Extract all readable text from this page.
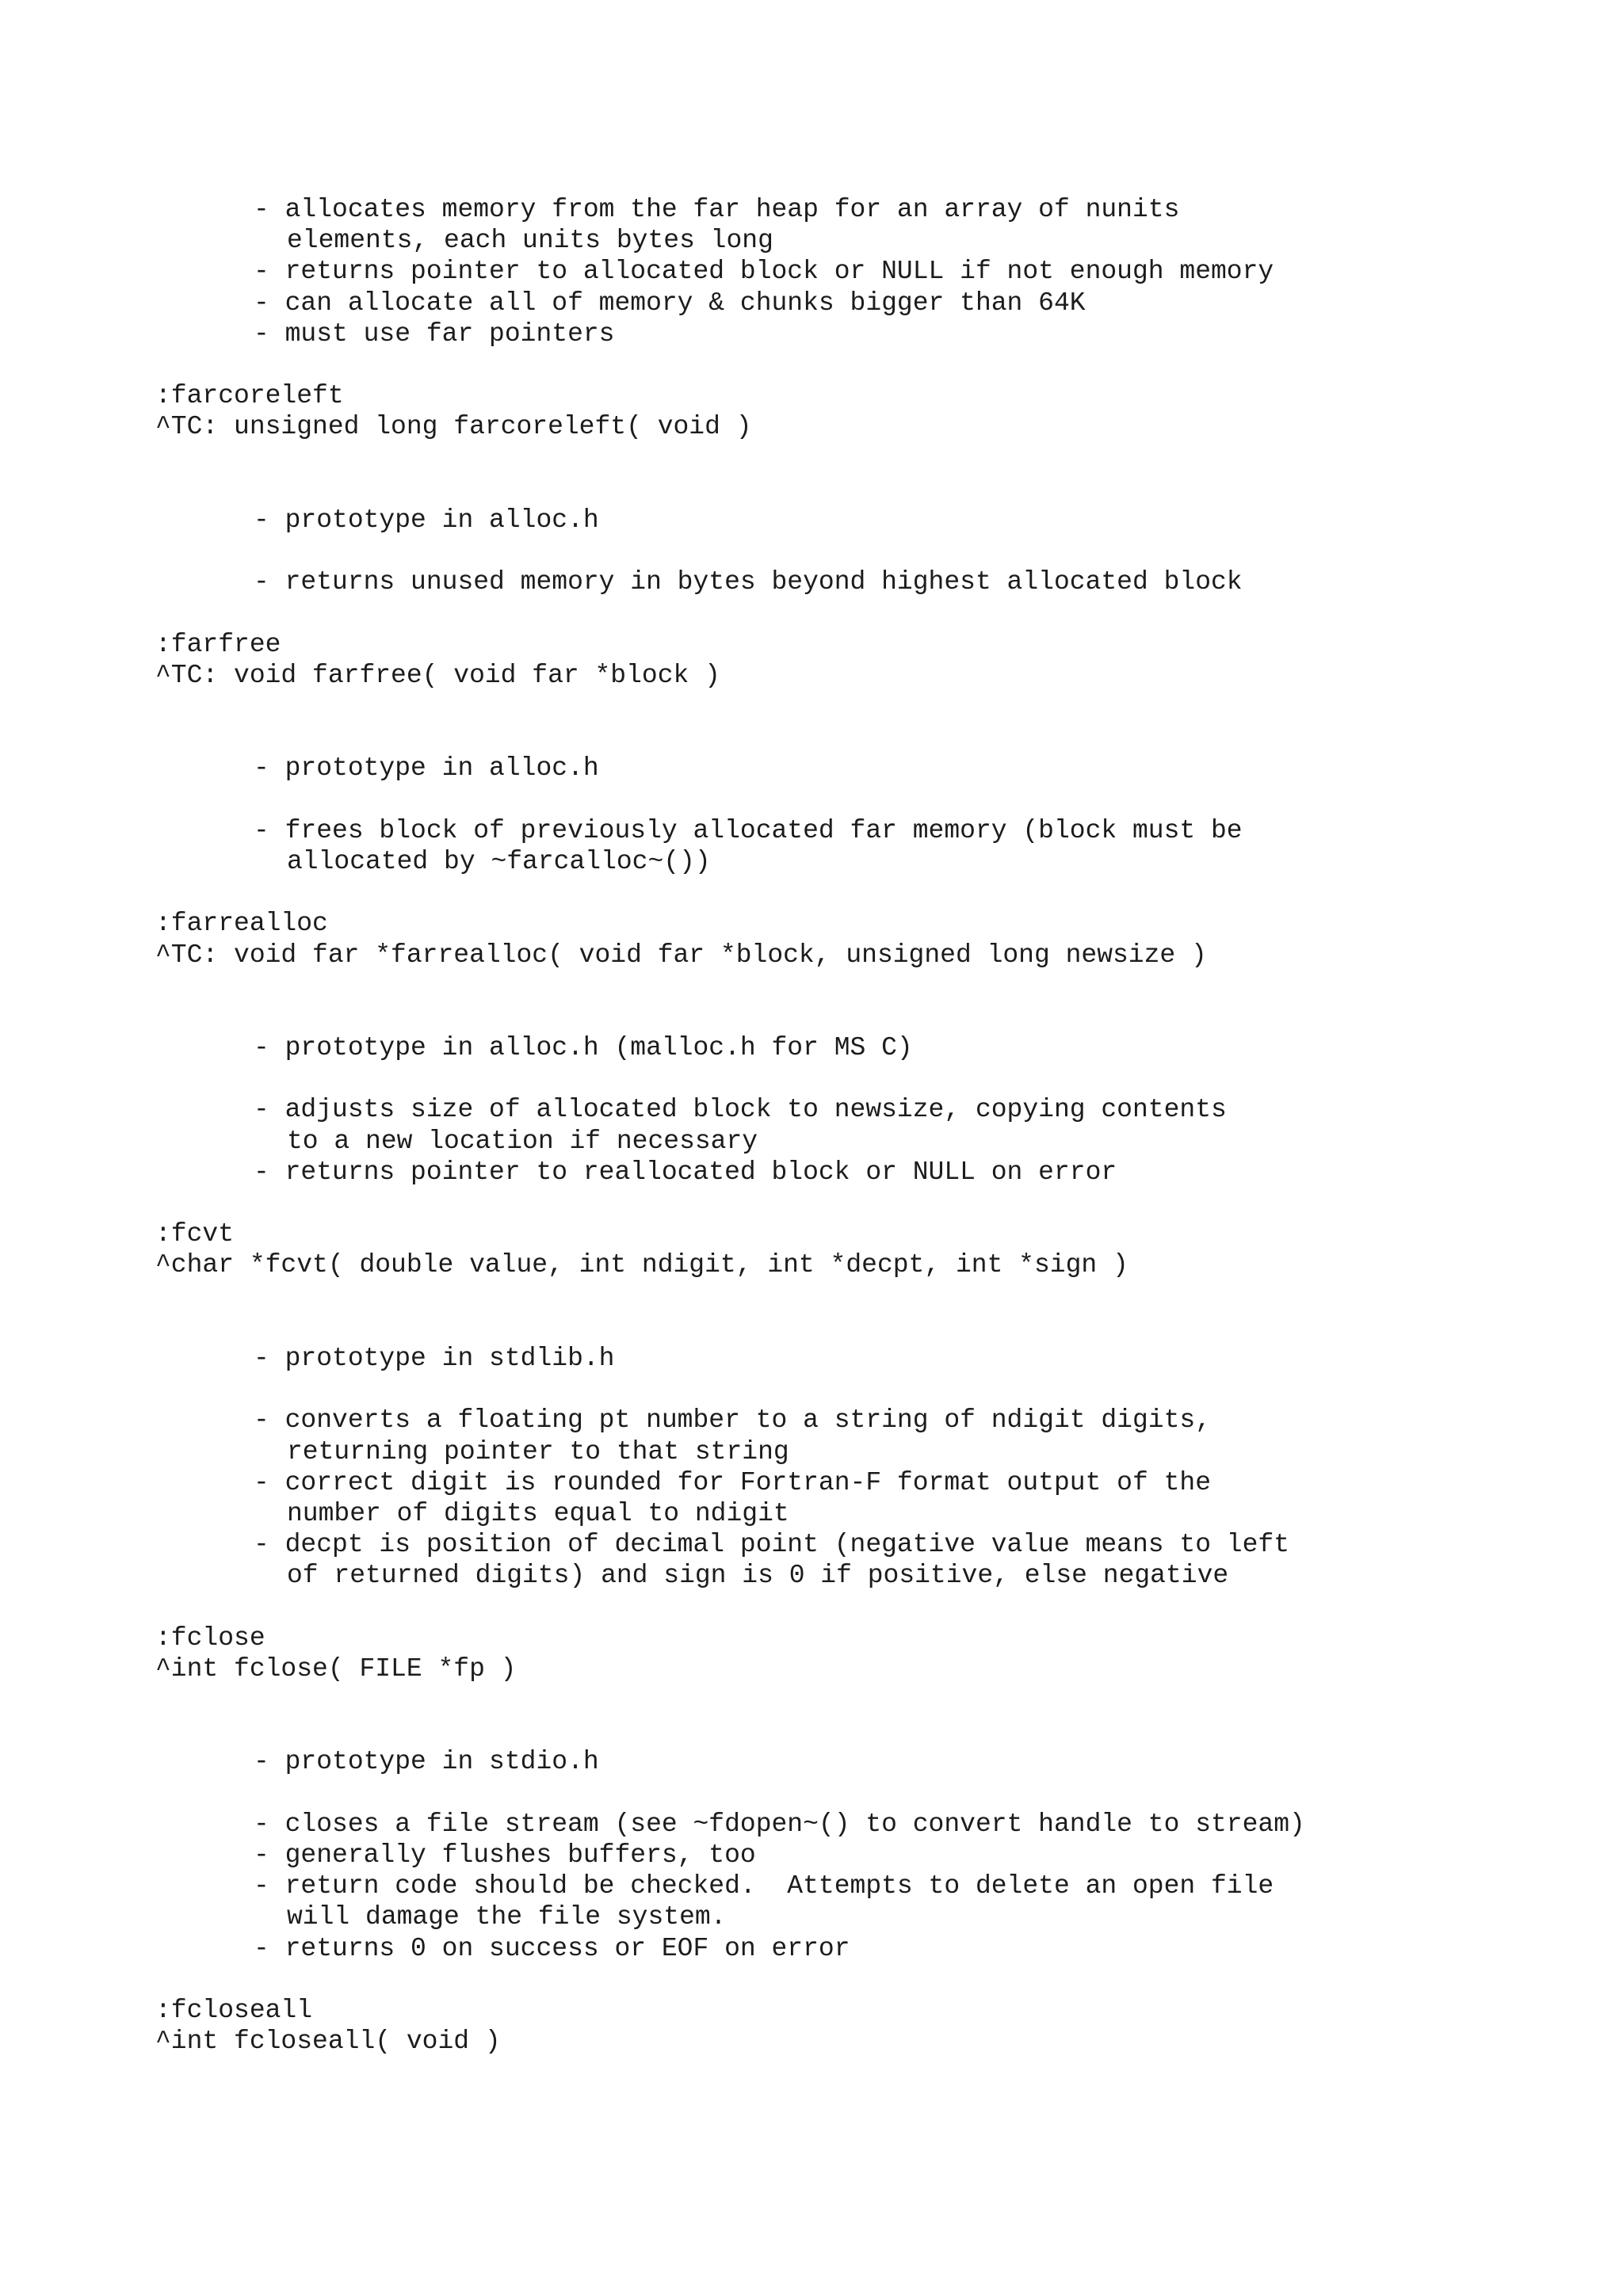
- allocates memory from the far heap for an array of nunits
elements, each units bytes long
- returns pointer to allocated block or NULL if not enough memory
- can allocate all of memory & chunks bigger than 64K
- must use far pointers
:farcoreleft
^TC: unsigned long farcoreleft( void )
- prototype in alloc.h
- returns unused memory in bytes beyond highest allocated block
:farfree
^TC: void farfree( void far *block )
- prototype in alloc.h
- frees block of previously allocated far memory (block must be
allocated by ~farcalloc~())
:farrealloc
^TC: void far *farrealloc( void far *block, unsigned long newsize )
- prototype in alloc.h (malloc.h for MS C)
- adjusts size of allocated block to newsize, copying contents
to a new location if necessary
- returns pointer to reallocated block or NULL on error
:fcvt
^char *fcvt( double value, int ndigit, int *decpt, int *sign )
- prototype in stdlib.h
- converts a floating pt number to a string of ndigit digits,
returning pointer to that string
- correct digit is rounded for Fortran-F format output of the
number of digits equal to ndigit
- decpt is position of decimal point (negative value means to left
of returned digits) and sign is 0 if positive, else negative
:fclose
^int fclose( FILE *fp )
- prototype in stdio.h
- closes a file stream (see ~fdopen~() to convert handle to stream)
- generally flushes buffers, too
- return code should be checked.  Attempts to delete an open file
will damage the file system.
- returns 0 on success or EOF on error
:fcloseall
^int fcloseall( void )
